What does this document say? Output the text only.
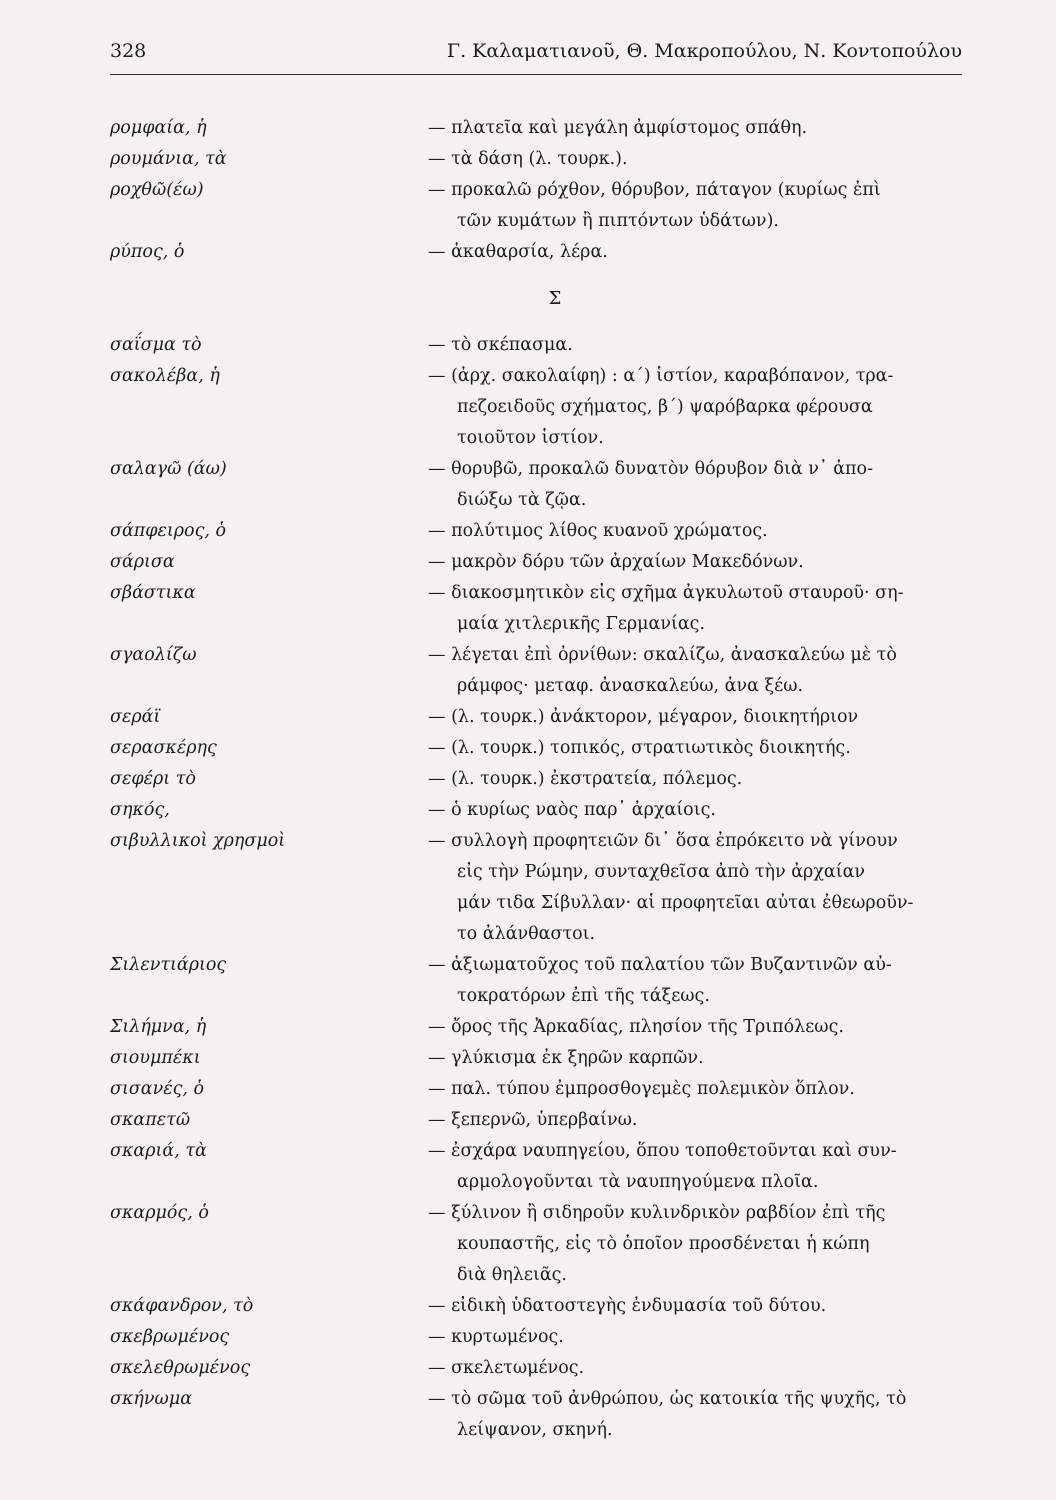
328	Γ. Καλαματιανοῦ, Θ. Μακροπούλου, Ν. Κοντοπούλου
ρομφαία, ἡ	— πλατεῖα καὶ μεγάλη ἀμφίστομος σπάθη.
ρουμάνια, τὰ	— τὰ δάση (λ. τουρκ.).
ροχθῶ(έω)	— προκαλῶ ρόχθον, θόρυβον, πάταγον (κυρίως ἐπὶ
τῶν κυμάτων ἢ πιπτόντων ὑδάτων).
ρύπος, ὁ	— ἀκαθαρσία, λέρα.
Σ
σαΐσμα τὸ	— τὸ σκέπασμα.
σακολέβα, ἡ	— (ἀρχ. σακολαίφη) : α΄) ἱστίον, καραβόπανον, τρα-
πεζοειδοῦς σχήματος, β΄) ψαρόβαρκα φέρουσα
τοιοῦτον ἱστίον.
σαλαγῶ (άω)	— θορυβῶ, προκαλῶ δυνατὸν θόρυβον διὰ ν᾽ ἀπο-
διώξω τὰ ζῷα.
σάπφειρος, ὁ	— πολύτιμος λίθος κυανοῦ χρώματος.
σάρισα	— μακρὸν δόρυ τῶν ἀρχαίων Μακεδόνων.
σβάστικα	— διακοσμητικὸν εἰς σχῆμα ἀγκυλωτοῦ σταυροῦ· ση-
μαία χιτλερικῆς Γερμανίας.
σγαολίζω	— λέγεται ἐπὶ ὀρνίθων: σκαλίζω, ἀνασκαλεύω μὲ τὸ
ράμφος· μεταφ. ἀνασκαλεύω, ἀνα ξέω.
σεράϊ	— (λ. τουρκ.) ἀνάκτορον, μέγαρον, διοικητήριον
σερασκέρης	— (λ. τουρκ.) τοπικός, στρατιωτικὸς διοικητής.
σεφέρι τὸ	— (λ. τουρκ.) ἐκστρατεία, πόλεμος.
σηκός,	— ὁ κυρίως ναὸς παρ᾽ ἀρχαίοις.
σιβυλλικοὶ χρησμοὶ	— συλλογὴ προφητειῶν δι᾽ ὅσα ἐπρόκειτο νὰ γίνουν
εἰς τὴν Ρώμην, συνταχθεῖσα ἀπὸ τὴν ἀρχαίαν
μάν τιδα Σίβυλλαν· αἱ προφητεῖαι αὐται ἐθεωροῦν-
το ἀλάνθαστοι.
Σιλεντιάριος	— ἀξιωματοῦχος τοῦ παλατίου τῶν Βυζαντινῶν αὐ-
τοκρατόρων ἐπὶ τῆς τάξεως.
Σιλήμνα, ἡ	— ὄρος τῆς Ἀρκαδίας, πλησίον τῆς Τριπόλεως.
σιουμπέκι	— γλύκισμα ἐκ ξηρῶν καρπῶν.
σισανές, ὁ	— παλ. τύπου ἐμπροσθογεμὲς πολεμικὸν ὅπλον.
σκαπετῶ	— ξεπερνῶ, ὑπερβαίνω.
σκαριά, τὰ	— ἐσχάρα ναυπηγείου, ὅπου τοποθετοῦνται καὶ συν-
αρμολογοῦνται τὰ ναυπηγούμενα πλοῖα.
σκαρμός, ὁ	— ξύλινον ἢ σιδηροῦν κυλινδρικὸν ραβδίον ἐπὶ τῆς
κουπαστῆς, εἰς τὸ ὁποῖον προσδένεται ἡ κώπη
διὰ θηλειᾶς.
σκάφανδρον, τὸ	— εἰδικὴ ὑδατοστεγὴς ἐνδυμασία τοῦ δύτου.
σκεβρωμένος	— κυρτωμένος.
σκελεθρωμένος	— σκελετωμένος.
σκήνωμα	— τὸ σῶμα τοῦ ἀνθρώπου, ὡς κατοικία τῆς ψυχῆς, τὸ
λείψανον, σκηνή.
